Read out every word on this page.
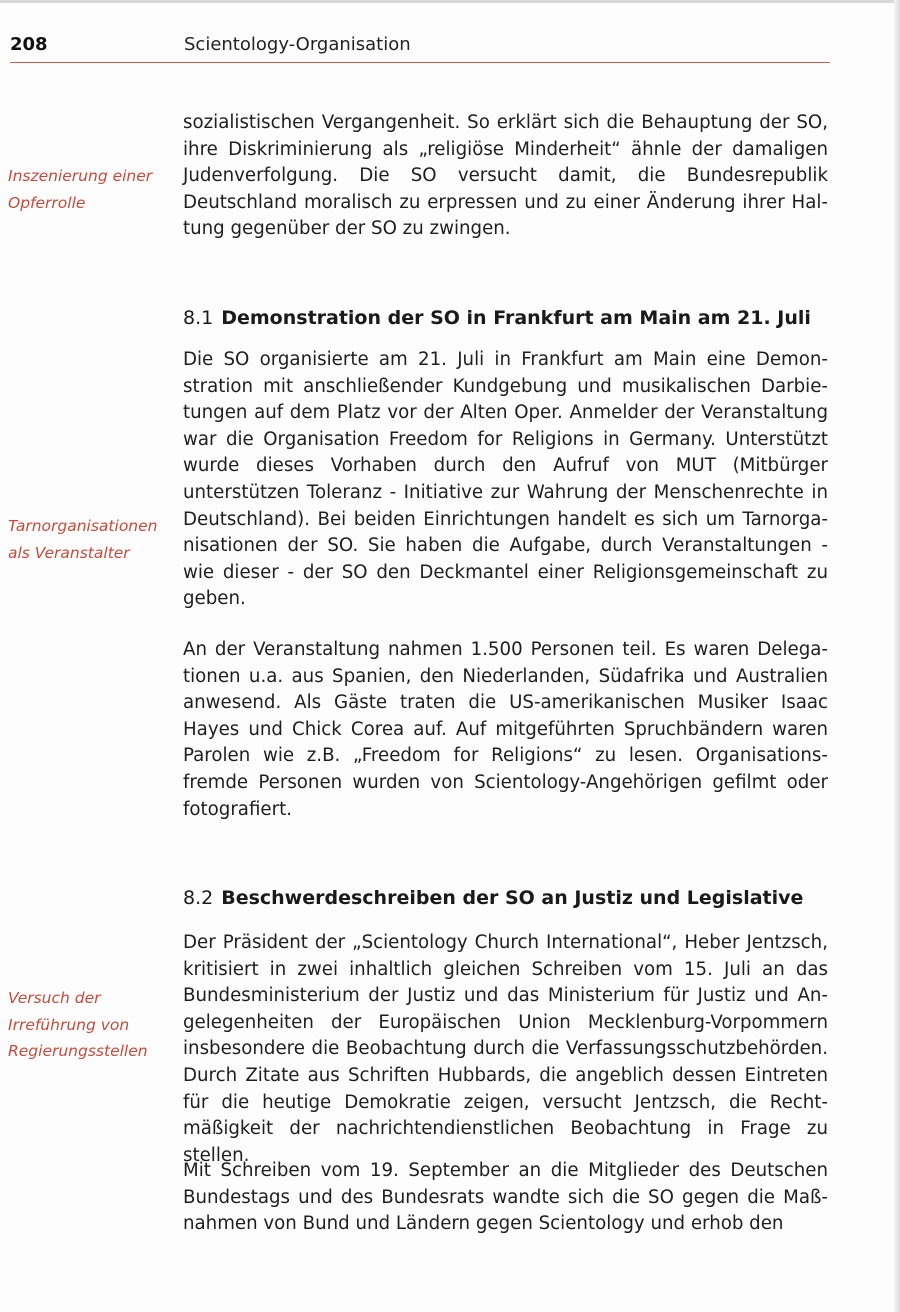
208	Scientology-Organisation
Inszenierung einer Opferrolle

sozialistischen Vergangenheit. So erklärt sich die Behauptung der SO, ihre Diskriminierung als „religiöse Minderheit“ ähnle der damaligen Judenverfolgung. Die SO versucht damit, die Bundesrepublik Deutschland moralisch zu erpressen und zu einer Änderung ihrer Haltung gegenüber der SO zu zwingen.

8.1 Demonstration der SO in Frankfurt am Main am 21. Juli

Die SO organisierte am 21. Juli in Frankfurt am Main eine Demonstration mit anschließender Kundgebung und musikalischen Darbietungen auf dem Platz vor der Alten Oper. Anmelder der Veranstaltung war die Organisation Freedom for Religions in Germany. Unterstützt wurde dieses Vorhaben durch den Aufruf von MUT (Mitbürger unterstützen Toleranz - Initiative zur Wahrung der Menschenrechte in Deutschland). Bei beiden Einrichtungen handelt es sich um Tarnorganisationen der SO. Sie haben die Aufgabe, durch Veranstaltungen - wie dieser - der SO den Deckmantel einer Religionsgemeinschaft zu geben.

Tarnorganisationen als Veranstalter

An der Veranstaltung nahmen 1.500 Personen teil. Es waren Delegationen u.a. aus Spanien, den Niederlanden, Südafrika und Australien anwesend. Als Gäste traten die US-amerikanischen Musiker Isaac Hayes und Chick Corea auf. Auf mitgeführten Spruchbändern waren Parolen wie z.B. „Freedom for Religions“ zu lesen. Organisationsfremde Personen wurden von Scientology-Angehörigen gefilmt oder fotografiert.

8.2 Beschwerdeschreiben der SO an Justiz und Legislative

Der Präsident der „Scientology Church International“, Heber Jentzsch, kritisiert in zwei inhaltlich gleichen Schreiben vom 15. Juli an das Bundesministerium der Justiz und das Ministerium für Justiz und Angelegenheiten der Europäischen Union Mecklenburg-Vorpommern insbesondere die Beobachtung durch die Verfassungsschutzbehörden. Durch Zitate aus Schriften Hubbards, die angeblich dessen Eintreten für die heutige Demokratie zeigen, versucht Jentzsch, die Rechtmäßigkeit der nachrichtendienstlichen Beobachtung in Frage zu stellen.

Versuch der Irreführung von Regierungsstellen

Mit Schreiben vom 19. September an die Mitglieder des Deutschen Bundestags und des Bundesrats wandte sich die SO gegen die Maßnahmen von Bund und Ländern gegen Scientology und erhob den
